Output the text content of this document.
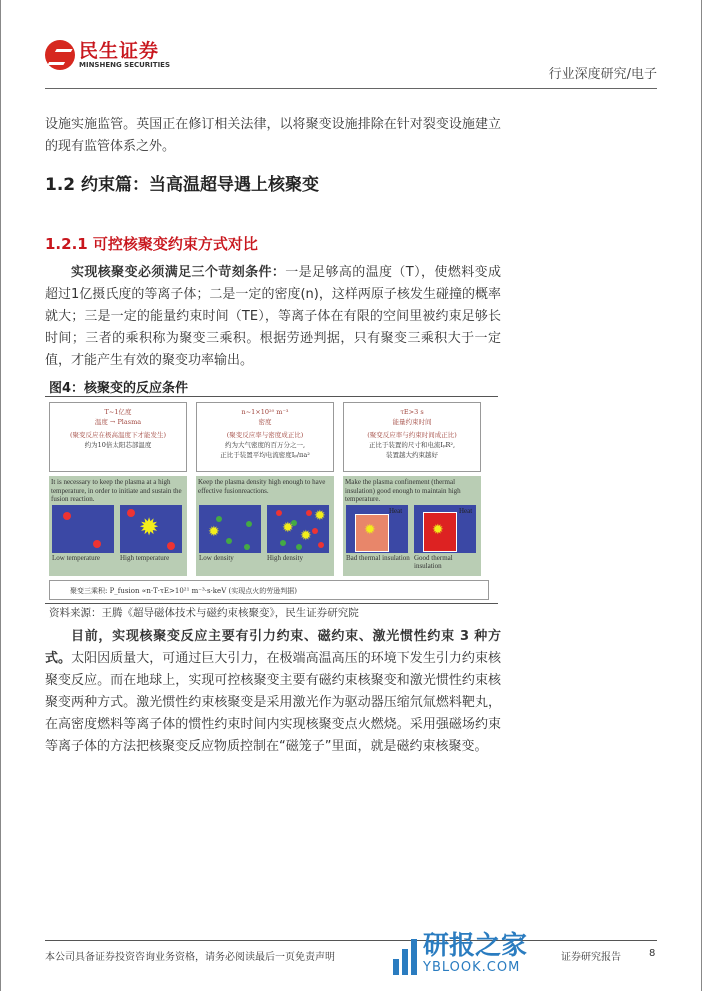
民生证券
MINSHENG SECURITIES
行业深度研究/电子
设施实施监管。英国正在修订相关法律，以将聚变设施排除在针对裂变设施建立的现有监管体系之外。
1.2 约束篇：当高温超导遇上核聚变
1.2.1 可控核聚变约束方式对比
实现核聚变必须满足三个苛刻条件：一是足够高的温度（T），使燃料变成超过1亿摄氏度的等离子体；二是一定的密度(n)，这样两原子核发生碰撞的概率就大；三是一定的能量约束时间（TE），等离子体在有限的空间里被约束足够长时间；三者的乘积称为聚变三乘积。根据劳逊判据，只有聚变三乘积大于一定值，才能产生有效的聚变功率输出。
图4：核聚变的反应条件
T~1亿度
温度 → Plasma
(聚变反应在极高温度下才能发生)
约为10倍太阳芯部温度
It is necessary to keep the plasma at a high temperature, in order to initiate and sustain the fusion reaction.
Low temperature	High temperature
✹
n~1×10²⁰ m⁻³
密度
(聚变反应率与密度成正比)
约为大气密度的百万分之一,
正比于装置平均电流密度Iₚ/πa²
Keep the plasma density high enough to have effective fusionreactions.
Low density	High density
✹	✹
✹
✹
τE>3 s
能量约束时间
(聚变反应率与约束时间成正比)
正比于装置的尺寸和电流IₚR²,
装置越大约束越好
Make the plasma confinement (thermal insulation) good enough to maintain high temperature.
Bad thermal insulation Good thermal insulation
✹	✹
Heat	Heat
聚变三乘积: P_fusion ∝n·T·τE>10²¹ m⁻³·s·keV (实现点火的劳逊判据)
资料来源：王腾《超导磁体技术与磁约束核聚变》，民生证券研究院
目前，实现核聚变反应主要有引力约束、磁约束、激光惯性约束 3 种方式。太阳因质量大，可通过巨大引力，在极端高温高压的环境下发生引力约束核聚变反应。而在地球上，实现可控核聚变主要有磁约束核聚变和激光惯性约束核聚变两种方式。激光惯性约束核聚变是采用激光作为驱动器压缩氘氚燃料靶丸，在高密度燃料等离子体的惯性约束时间内实现核聚变点火燃烧。采用强磁场约束等离子体的方法把核聚变反应物质控制在“磁笼子”里面，就是磁约束核聚变。
本公司具备证券投资咨询业务资格，请务必阅读最后一页免责声明	证券研究报告	8
研报之家
YBLOOK.COM
